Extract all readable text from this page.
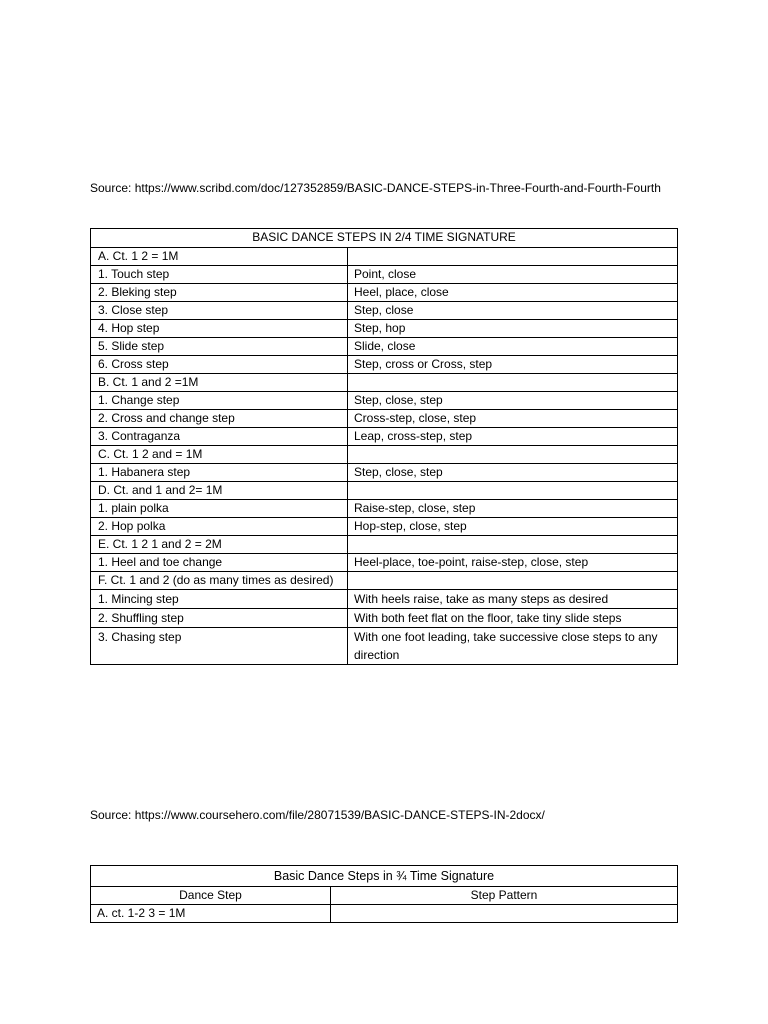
Source: https://www.scribd.com/doc/127352859/BASIC-DANCE-STEPS-in-Three-Fourth-and-Fourth-Fourth
BASIC DANCE STEPS IN 2/4 TIME SIGNATURE	
A. Ct. 1 2 = 1M	
1. Touch step	Point, close
2. Bleking step	Heel, place, close
3. Close step	Step, close
4. Hop step	Step, hop
5. Slide step	Slide, close
6. Cross step	Step, cross or Cross, step
B. Ct. 1 and 2 =1M	
1. Change step	Step, close, step
2. Cross and change step	Cross-step, close, step
3. Contraganza	Leap, cross-step, step
C. Ct. 1 2 and = 1M	
1. Habanera step	Step, close, step
D. Ct. and 1 and 2= 1M	
1. plain polka	Raise-step, close, step
2. Hop polka	Hop-step, close, step
E. Ct. 1 2 1 and 2 = 2M	
1. Heel and toe change	Heel-place, toe-point, raise-step, close, step
F. Ct. 1 and 2 (do as many times as desired)	
1. Mincing step	With heels raise, take as many steps as desired
2. Shuffling step	With both feet flat on the floor, take tiny slide steps
3. Chasing step	With one foot leading, take successive close steps to any direction
Source: https://www.coursehero.com/file/28071539/BASIC-DANCE-STEPS-IN-2docx/
Basic Dance Steps in ¾ Time Signature	
Dance Step	Step Pattern
A. ct. 1-2 3 = 1M	
